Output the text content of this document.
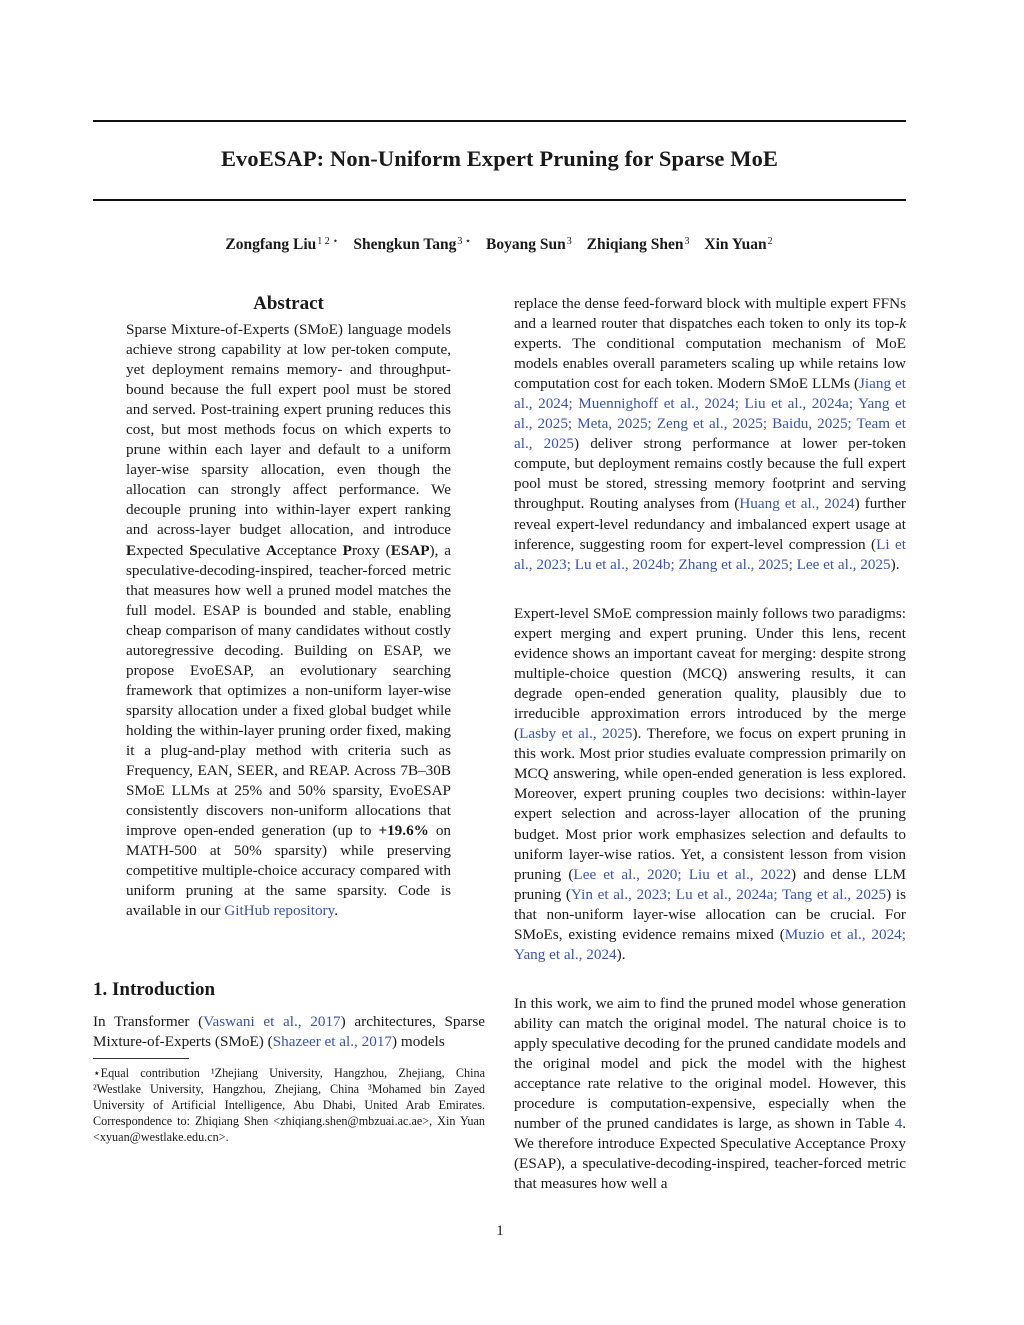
EvoESAP: Non-Uniform Expert Pruning for Sparse MoE
Zongfang Liu$^{1 2 ⋆}$ Shengkun Tang$^{3 ⋆}$ Boyang Sun$^3$ Zhiqiang Shen$^3$ Xin Yuan$^2$
Abstract

Sparse Mixture-of-Experts (SMoE) language models achieve strong capability at low per-token compute, yet deployment remains memory- and throughput-bound because the full expert pool must be stored and served. Post-training expert pruning reduces this cost, but most methods focus on which experts to prune within each layer and default to a uniform layer-wise sparsity allocation, even though the allocation can strongly affect performance. We decouple pruning into within-layer expert ranking and across-layer budget allocation, and introduce Expected Speculative Acceptance Proxy (ESAP), a speculative-decoding-inspired, teacher-forced metric that measures how well a pruned model matches the full model. ESAP is bounded and stable, enabling cheap comparison of many candidates without costly autoregressive decoding. Building on ESAP, we propose EvoESAP, an evolutionary searching framework that optimizes a non-uniform layer-wise sparsity allocation under a fixed global budget while holding the within-layer pruning order fixed, making it a plug-and-play method with criteria such as Frequency, EAN, SEER, and REAP. Across 7B–30B SMoE LLMs at 25% and 50% sparsity, EvoESAP consistently discovers non-uniform allocations that improve open-ended generation (up to +19.6% on MATH-500 at 50% sparsity) while preserving competitive multiple-choice accuracy compared with uniform pruning at the same sparsity. Code is available in our GitHub repository.

1. Introduction

In Transformer (Vaswani et al., 2017) architectures, Sparse Mixture-of-Experts (SMoE) (Shazeer et al., 2017) models

⋆Equal contribution ¹Zhejiang University, Hangzhou, Zhejiang, China ²Westlake University, Hangzhou, Zhejiang, China ³Mohamed bin Zayed University of Artificial Intelligence, Abu Dhabi, United Arab Emirates. Correspondence to: Zhiqiang Shen <zhiqiang.shen@mbzuai.ac.ae>, Xin Yuan <xyuan@westlake.edu.cn>.

replace the dense feed-forward block with multiple expert FFNs and a learned router that dispatches each token to only its top-k experts. The conditional computation mechanism of MoE models enables overall parameters scaling up while retains low computation cost for each token. Modern SMoE LLMs (Jiang et al., 2024; Muennighoff et al., 2024; Liu et al., 2024a; Yang et al., 2025; Meta, 2025; Zeng et al., 2025; Baidu, 2025; Team et al., 2025) deliver strong performance at lower per-token compute, but deployment remains costly because the full expert pool must be stored, stressing memory footprint and serving throughput. Routing analyses from (Huang et al., 2024) further reveal expert-level redundancy and imbalanced expert usage at inference, suggesting room for expert-level compression (Li et al., 2023; Lu et al., 2024b; Zhang et al., 2025; Lee et al., 2025).

Expert-level SMoE compression mainly follows two paradigms: expert merging and expert pruning. Under this lens, recent evidence shows an important caveat for merging: despite strong multiple-choice question (MCQ) answering results, it can degrade open-ended generation quality, plausibly due to irreducible approximation errors introduced by the merge (Lasby et al., 2025). Therefore, we focus on expert pruning in this work. Most prior studies evaluate compression primarily on MCQ answering, while open-ended generation is less explored. Moreover, expert pruning couples two decisions: within-layer expert selection and across-layer allocation of the pruning budget. Most prior work emphasizes selection and defaults to uniform layer-wise ratios. Yet, a consistent lesson from vision pruning (Lee et al., 2020; Liu et al., 2022) and dense LLM pruning (Yin et al., 2023; Lu et al., 2024a; Tang et al., 2025) is that non-uniform layer-wise allocation can be crucial. For SMoEs, existing evidence remains mixed (Muzio et al., 2024; Yang et al., 2024).

In this work, we aim to find the pruned model whose generation ability can match the original model. The natural choice is to apply speculative decoding for the pruned candidate models and the original model and pick the model with the highest acceptance rate relative to the original model. However, this procedure is computation-expensive, especially when the number of the pruned candidates is large, as shown in Table 4. We therefore introduce Expected Speculative Acceptance Proxy (ESAP), a speculative-decoding-inspired, teacher-forced metric that measures how well a

1
